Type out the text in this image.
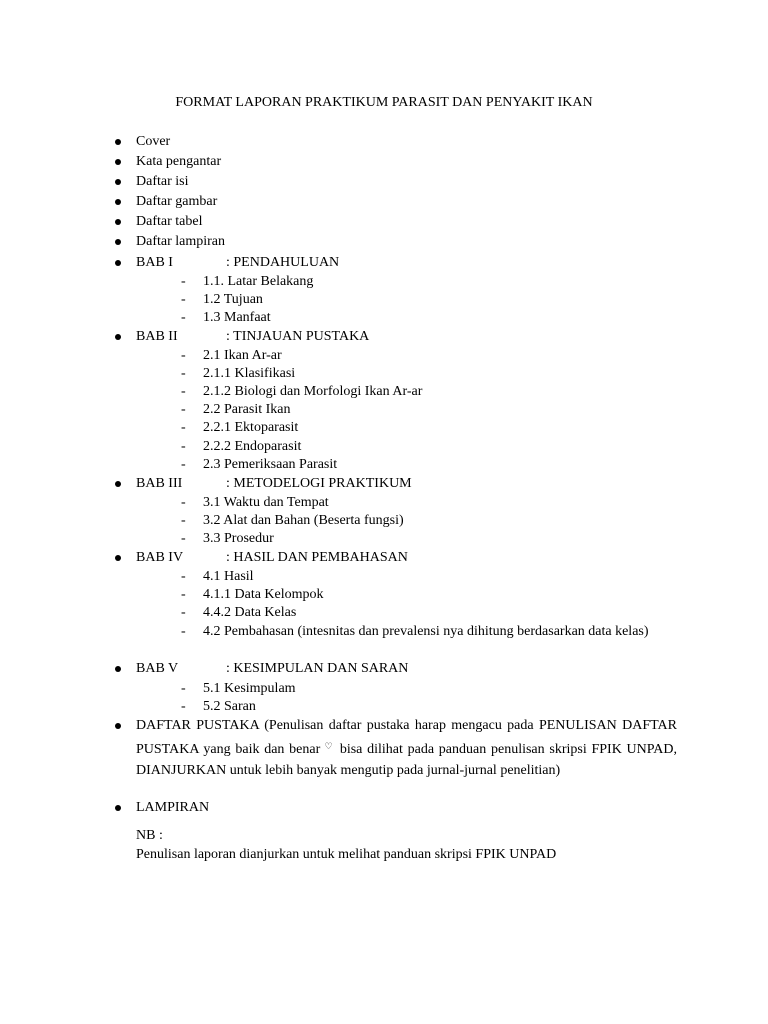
FORMAT LAPORAN PRAKTIKUM PARASIT DAN PENYAKIT IKAN
Cover
Kata pengantar
Daftar isi
Daftar gambar
Daftar tabel
Daftar lampiran
BAB I	: PENDAHULUAN
- 1.1. Latar Belakang
- 1.2 Tujuan
- 1.3 Manfaat
BAB II	: TINJAUAN PUSTAKA
- 2.1 Ikan Ar-ar
- 2.1.1 Klasifikasi
- 2.1.2 Biologi dan Morfologi Ikan Ar-ar
- 2.2 Parasit Ikan
- 2.2.1 Ektoparasit
- 2.2.2 Endoparasit
- 2.3 Pemeriksaan Parasit
BAB III	: METODELOGI PRAKTIKUM
- 3.1 Waktu dan Tempat
- 3.2 Alat dan Bahan (Beserta fungsi)
- 3.3 Prosedur
BAB IV	: HASIL DAN PEMBAHASAN
- 4.1 Hasil
- 4.1.1 Data Kelompok
- 4.4.2 Data Kelas
- 4.2 Pembahasan (intesnitas dan prevalensi nya dihitung berdasarkan data kelas)
BAB V	: KESIMPULAN DAN SARAN
- 5.1 Kesimpulam
- 5.2 Saran
DAFTAR PUSTAKA (Penulisan daftar pustaka harap mengacu pada PENULISAN DAFTAR PUSTAKA yang baik dan benar ♡ bisa dilihat pada panduan penulisan skripsi FPIK UNPAD, DIANJURKAN untuk lebih banyak mengutip pada jurnal-jurnal penelitian)
LAMPIRAN
NB :
Penulisan laporan dianjurkan untuk melihat panduan skripsi FPIK UNPAD
